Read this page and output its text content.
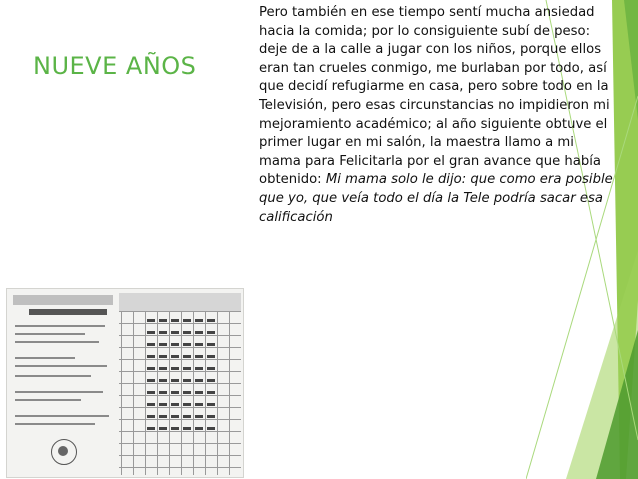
NUEVE AÑOS
Pero también en ese tiempo sentí mucha ansiedad hacia la comida; por lo consiguiente subí de peso: deje de a la calle a jugar con los niños, porque ellos eran tan crueles conmigo, me burlaban por todo, así que decidí refugiarme en casa, pero sobre todo en la Televisión, pero esas circunstancias no impidieron mi mejoramiento académico; al año siguiente obtuve el primer lugar en mi salón, la maestra llamo a mi mama para Felicitarla por el gran avance que había obtenido: Mi mama solo le dijo: que como era posible que yo, que veía todo el día la Tele podría sacar esa calificación
